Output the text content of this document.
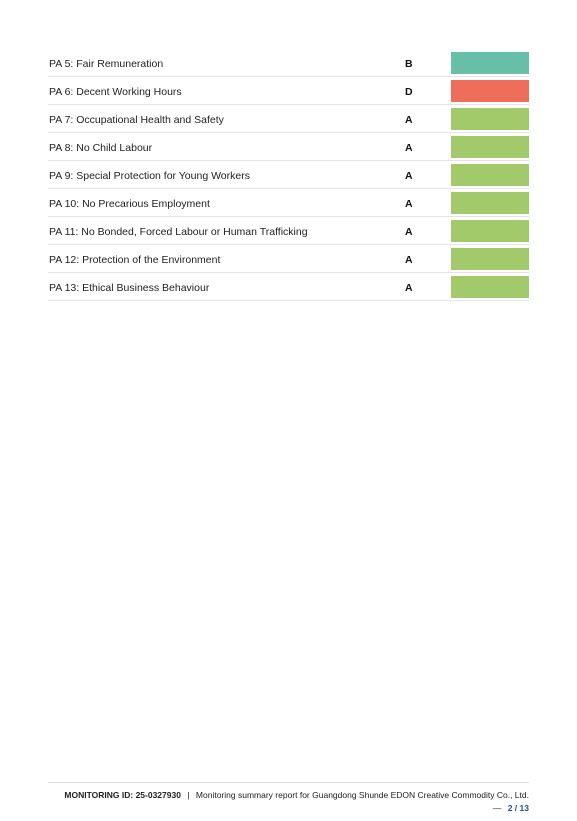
PA 5: Fair Remuneration	B
PA 6: Decent Working Hours	D
PA 7: Occupational Health and Safety	A
PA 8: No Child Labour	A
PA 9: Special Protection for Young Workers	A
PA 10: No Precarious Employment	A
PA 11: No Bonded, Forced Labour or Human Trafficking	A
PA 12: Protection of the Environment	A
PA 13: Ethical Business Behaviour	A
MONITORING ID: 25-0327930 | Monitoring summary report for Guangdong Shunde EDON Creative Commodity Co., Ltd. — 2 / 13
